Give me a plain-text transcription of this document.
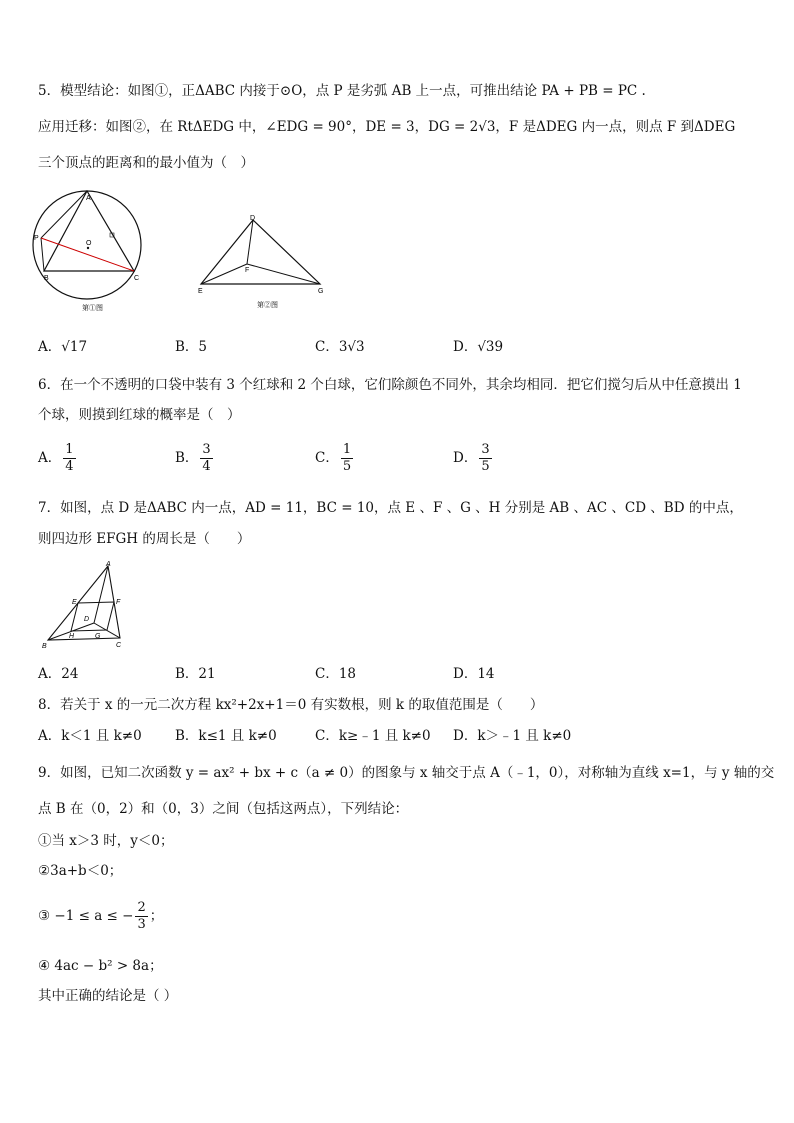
5．模型结论：如图①，正ΔABC 内接于⊙O，点 P 是劣弧 AB 上一点，可推出结论 PA + PB = PC .
应用迁移：如图②，在 RtΔEDG 中，∠EDG = 90°，DE = 3，DG = 2√3，F 是ΔDEG 内一点，则点 F 到ΔDEG
三个顶点的距离和的最小值为（　）
A
P
O
B	C
第①图
D
F
E	G
第②图
A．√17	B．5	C．3√3	D．√39
6．在一个不透明的口袋中装有 3 个红球和 2 个白球，它们除颜色不同外，其余均相同．把它们搅匀后从中任意摸出 1
个球，则摸到红球的概率是（　）
A． $\frac{1}{4}$	B． $\frac{3}{4}$	C． $\frac{1}{5}$	D． $\frac{3}{5}$
7．如图，点 D 是ΔABC 内一点，AD = 11，BC = 10，点 E 、F 、G 、H 分别是 AB 、AC 、CD 、BD 的中点，
则四边形 EFGH 的周长是（　　）
A
E	F
D
H	G
B	C
A．24	B．21	C．18	D．14
8．若关于 x 的一元二次方程 kx²+2x+1＝0 有实数根，则 k 的取值范围是（　　）
A．k＜1 且 k≠0 B．k≤1 且 k≠0	C．k≥﹣1 且 k≠0 D．k＞﹣1 且 k≠0
9．如图，已知二次函数 y = ax² + bx + c（a ≠ 0）的图象与 x 轴交于点 A（﹣1，0），对称轴为直线 x=1，与 y 轴的交
点 B 在（0，2）和（0，3）之间（包括这两点），下列结论：
①当 x＞3 时，y＜0；
②3a+b＜0；
③ −1 ≤ a ≤ − $\frac{2}{3}$ ；
④ 4ac − b² > 8a；
其中正确的结论是（ ）
